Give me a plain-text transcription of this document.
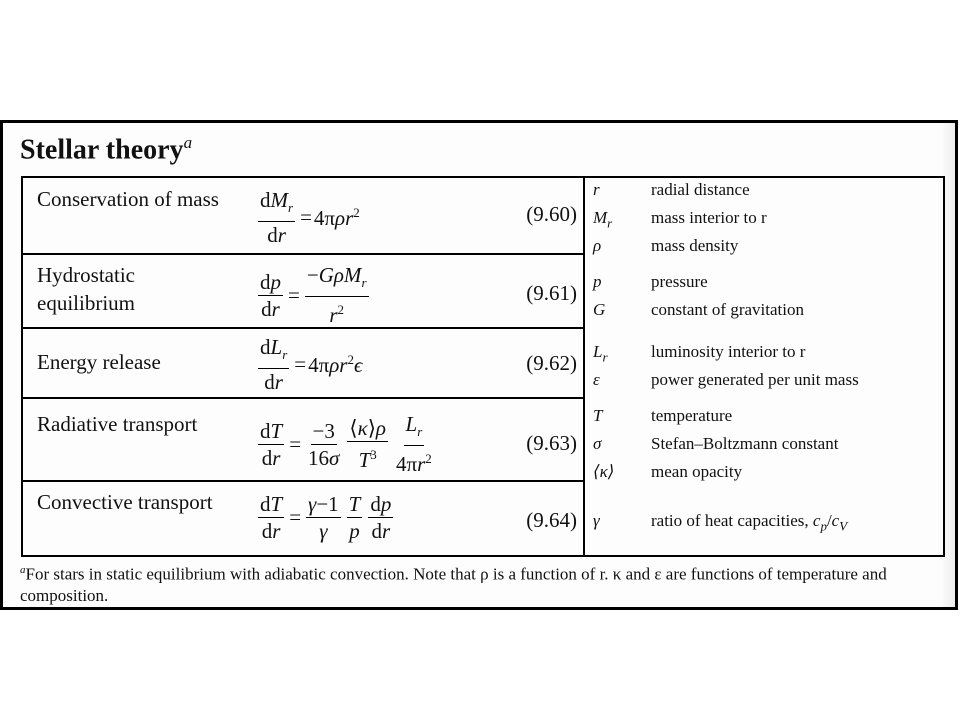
Stellar theory$^a$
Conservation of mass	$\frac{dM_r}{dr} = 4\pi\rho r^2$	(9.60)
Hydrostatic equilibrium	$\frac{dp}{dr} = \frac{-G\rho M_r}{r^2}$	(9.61)
Energy release	$\frac{dL_r}{dr} = 4\pi\rho r^2\epsilon$	(9.62)
Radiative transport	$\frac{dT}{dr} = \frac{-3}{16\sigma} \frac{⟨\kappa⟩\rho}{T^3} \frac{L_r}{4\pi r^2}$	(9.63)
Convective transport	$\frac{dT}{dr} = \frac{\gamma-1}{\gamma} \frac{T}{p} \frac{dp}{dr}$	(9.64)
r	radial distance
$M_r$	mass interior to r
ρ	mass density
p	pressure
G	constant of gravitation
$L_r$	luminosity interior to r
ε	power generated per unit mass
T	temperature
σ	Stefan–Boltzmann constant
⟨κ⟩	mean opacity
γ	ratio of heat capacities, $c_p/c_V$
$^a$For stars in static equilibrium with adiabatic convection. Note that ρ is a function of r. κ and ε are functions of temperature and composition.
